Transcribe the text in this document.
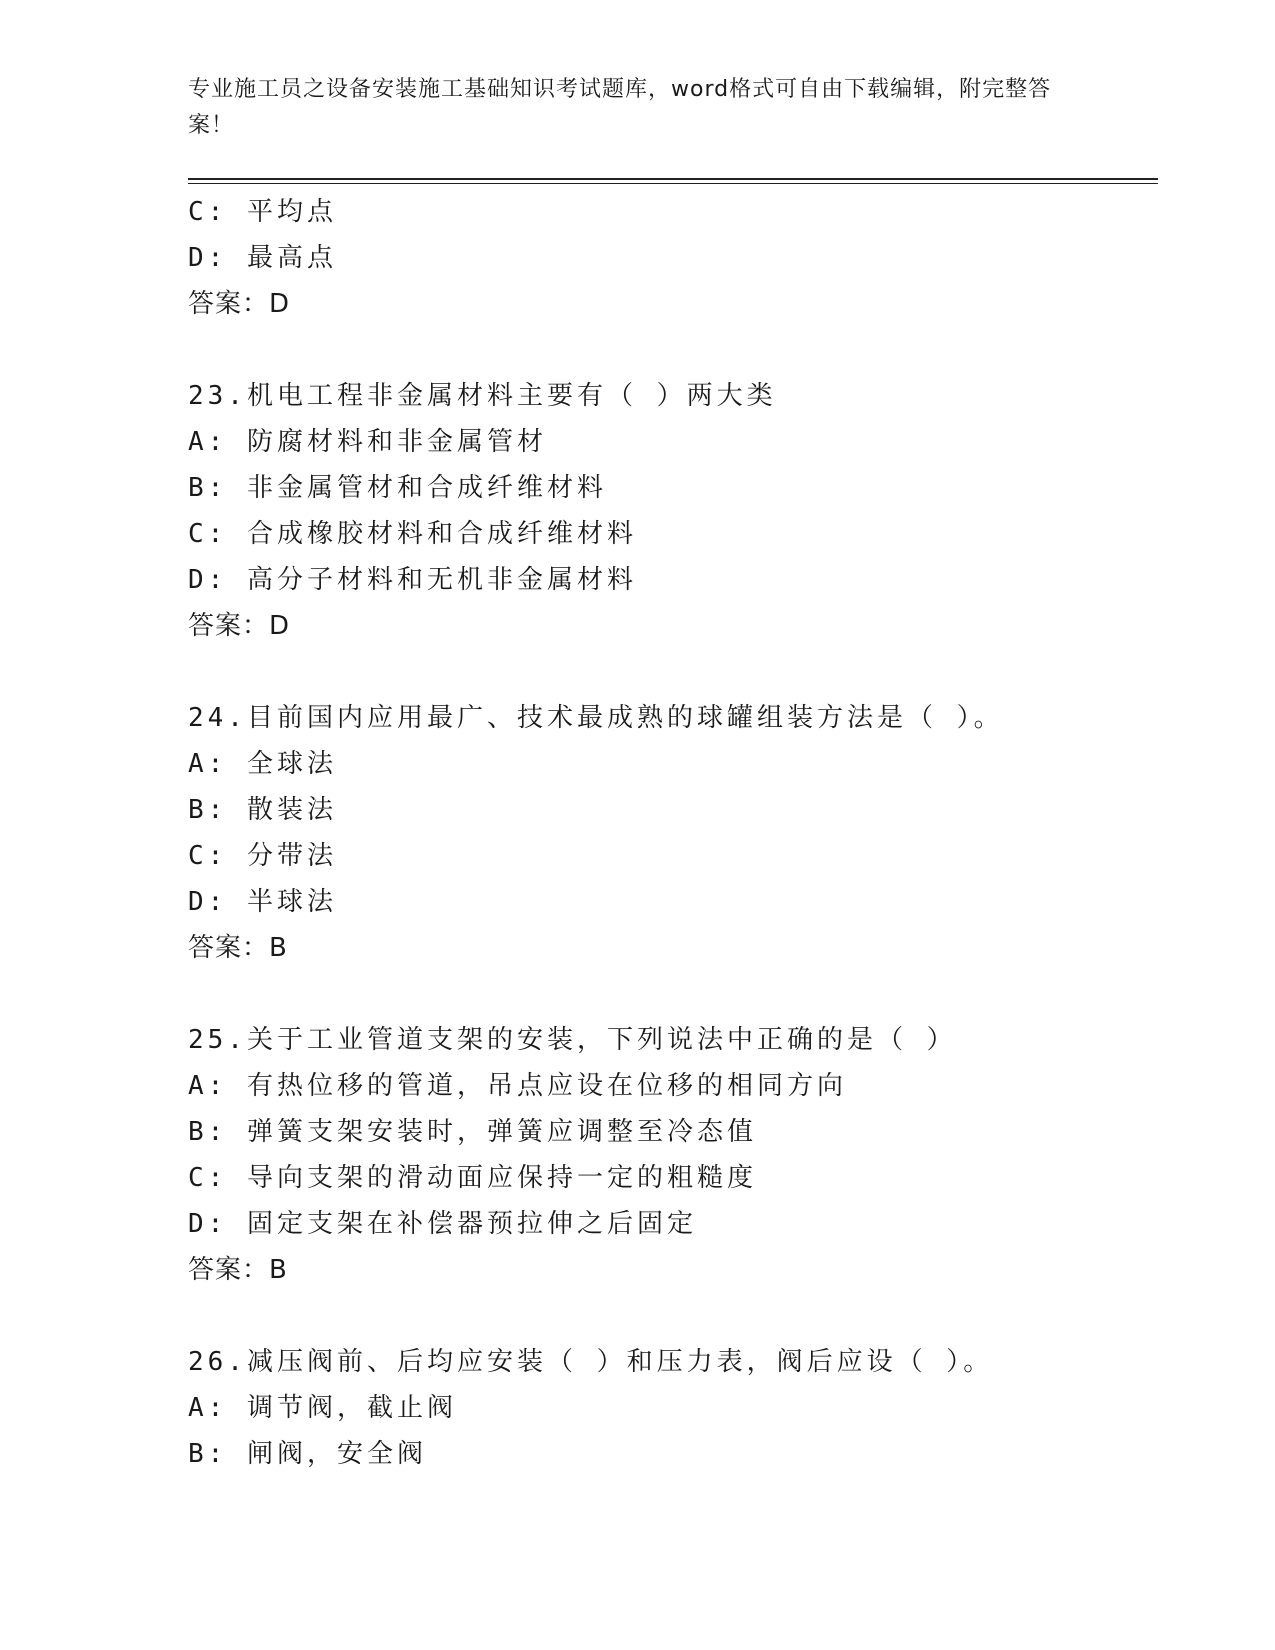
专业施工员之设备安装施工基础知识考试题库，word格式可自由下载编辑，附完整答案！
C: 平均点
D: 最高点
答案：D
23.机电工程非金属材料主要有（ ）两大类
A: 防腐材料和非金属管材
B: 非金属管材和合成纤维材料
C: 合成橡胶材料和合成纤维材料
D: 高分子材料和无机非金属材料
答案：D
24.目前国内应用最广、技术最成熟的球罐组装方法是（ ）。
A: 全球法
B: 散装法
C: 分带法
D: 半球法
答案：B
25.关于工业管道支架的安装，下列说法中正确的是（ ）
A: 有热位移的管道，吊点应设在位移的相同方向
B: 弹簧支架安装时，弹簧应调整至冷态值
C: 导向支架的滑动面应保持一定的粗糙度
D: 固定支架在补偿器预拉伸之后固定
答案：B
26.减压阀前、后均应安装（ ）和压力表，阀后应设（ ）。
A: 调节阀，截止阀
B: 闸阀，安全阀
